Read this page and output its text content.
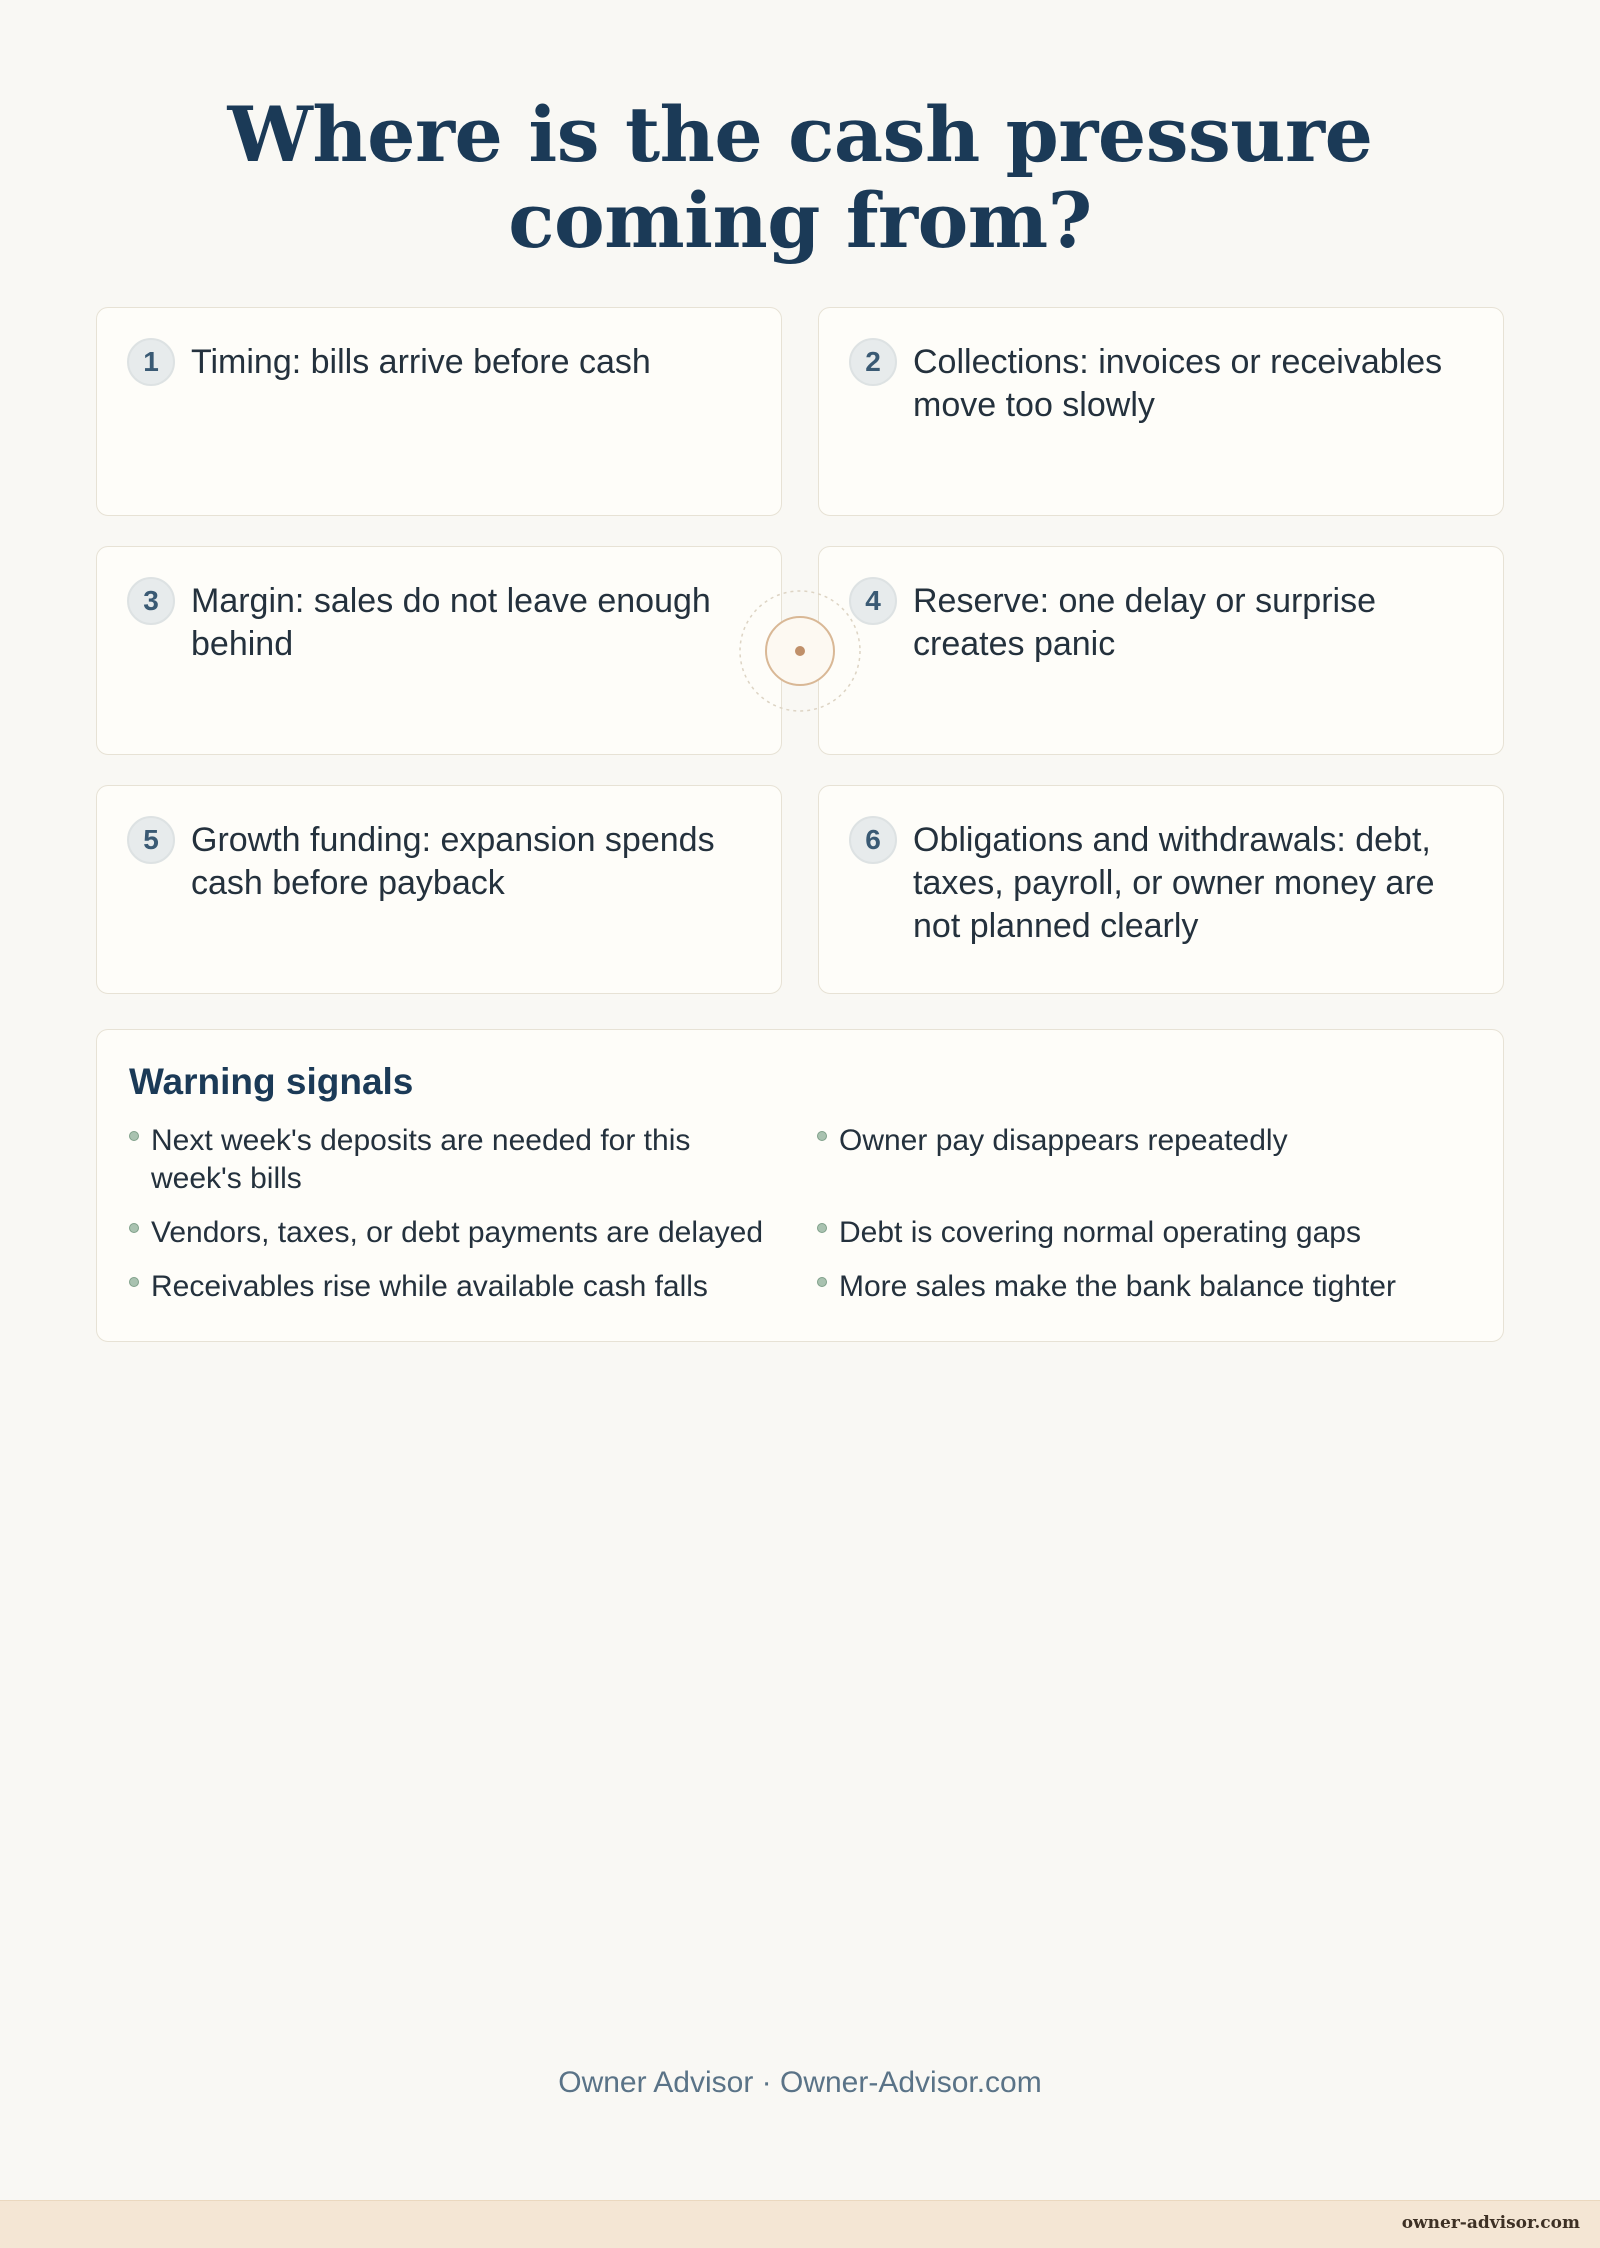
Where is the cash pressure coming from?
1 Timing: bills arrive before cash	2 Collections: invoices or receivables move too slowly
3 Margin: sales do not leave enough behind
4 Reserve: one delay or surprise creates panic
5 Growth funding: expansion spends cash before payback
6 Obligations and withdrawals: debt, taxes, payroll, or owner money are not planned clearly
Warning signals
Next week's deposits are needed for this week's bills
Owner pay disappears repeatedly
Vendors, taxes, or debt payments are delayed	Debt is covering normal operating gaps
Receivables rise while available cash falls	More sales make the bank balance tighter
Owner Advisor · Owner-Advisor.com
owner-advisor.com
